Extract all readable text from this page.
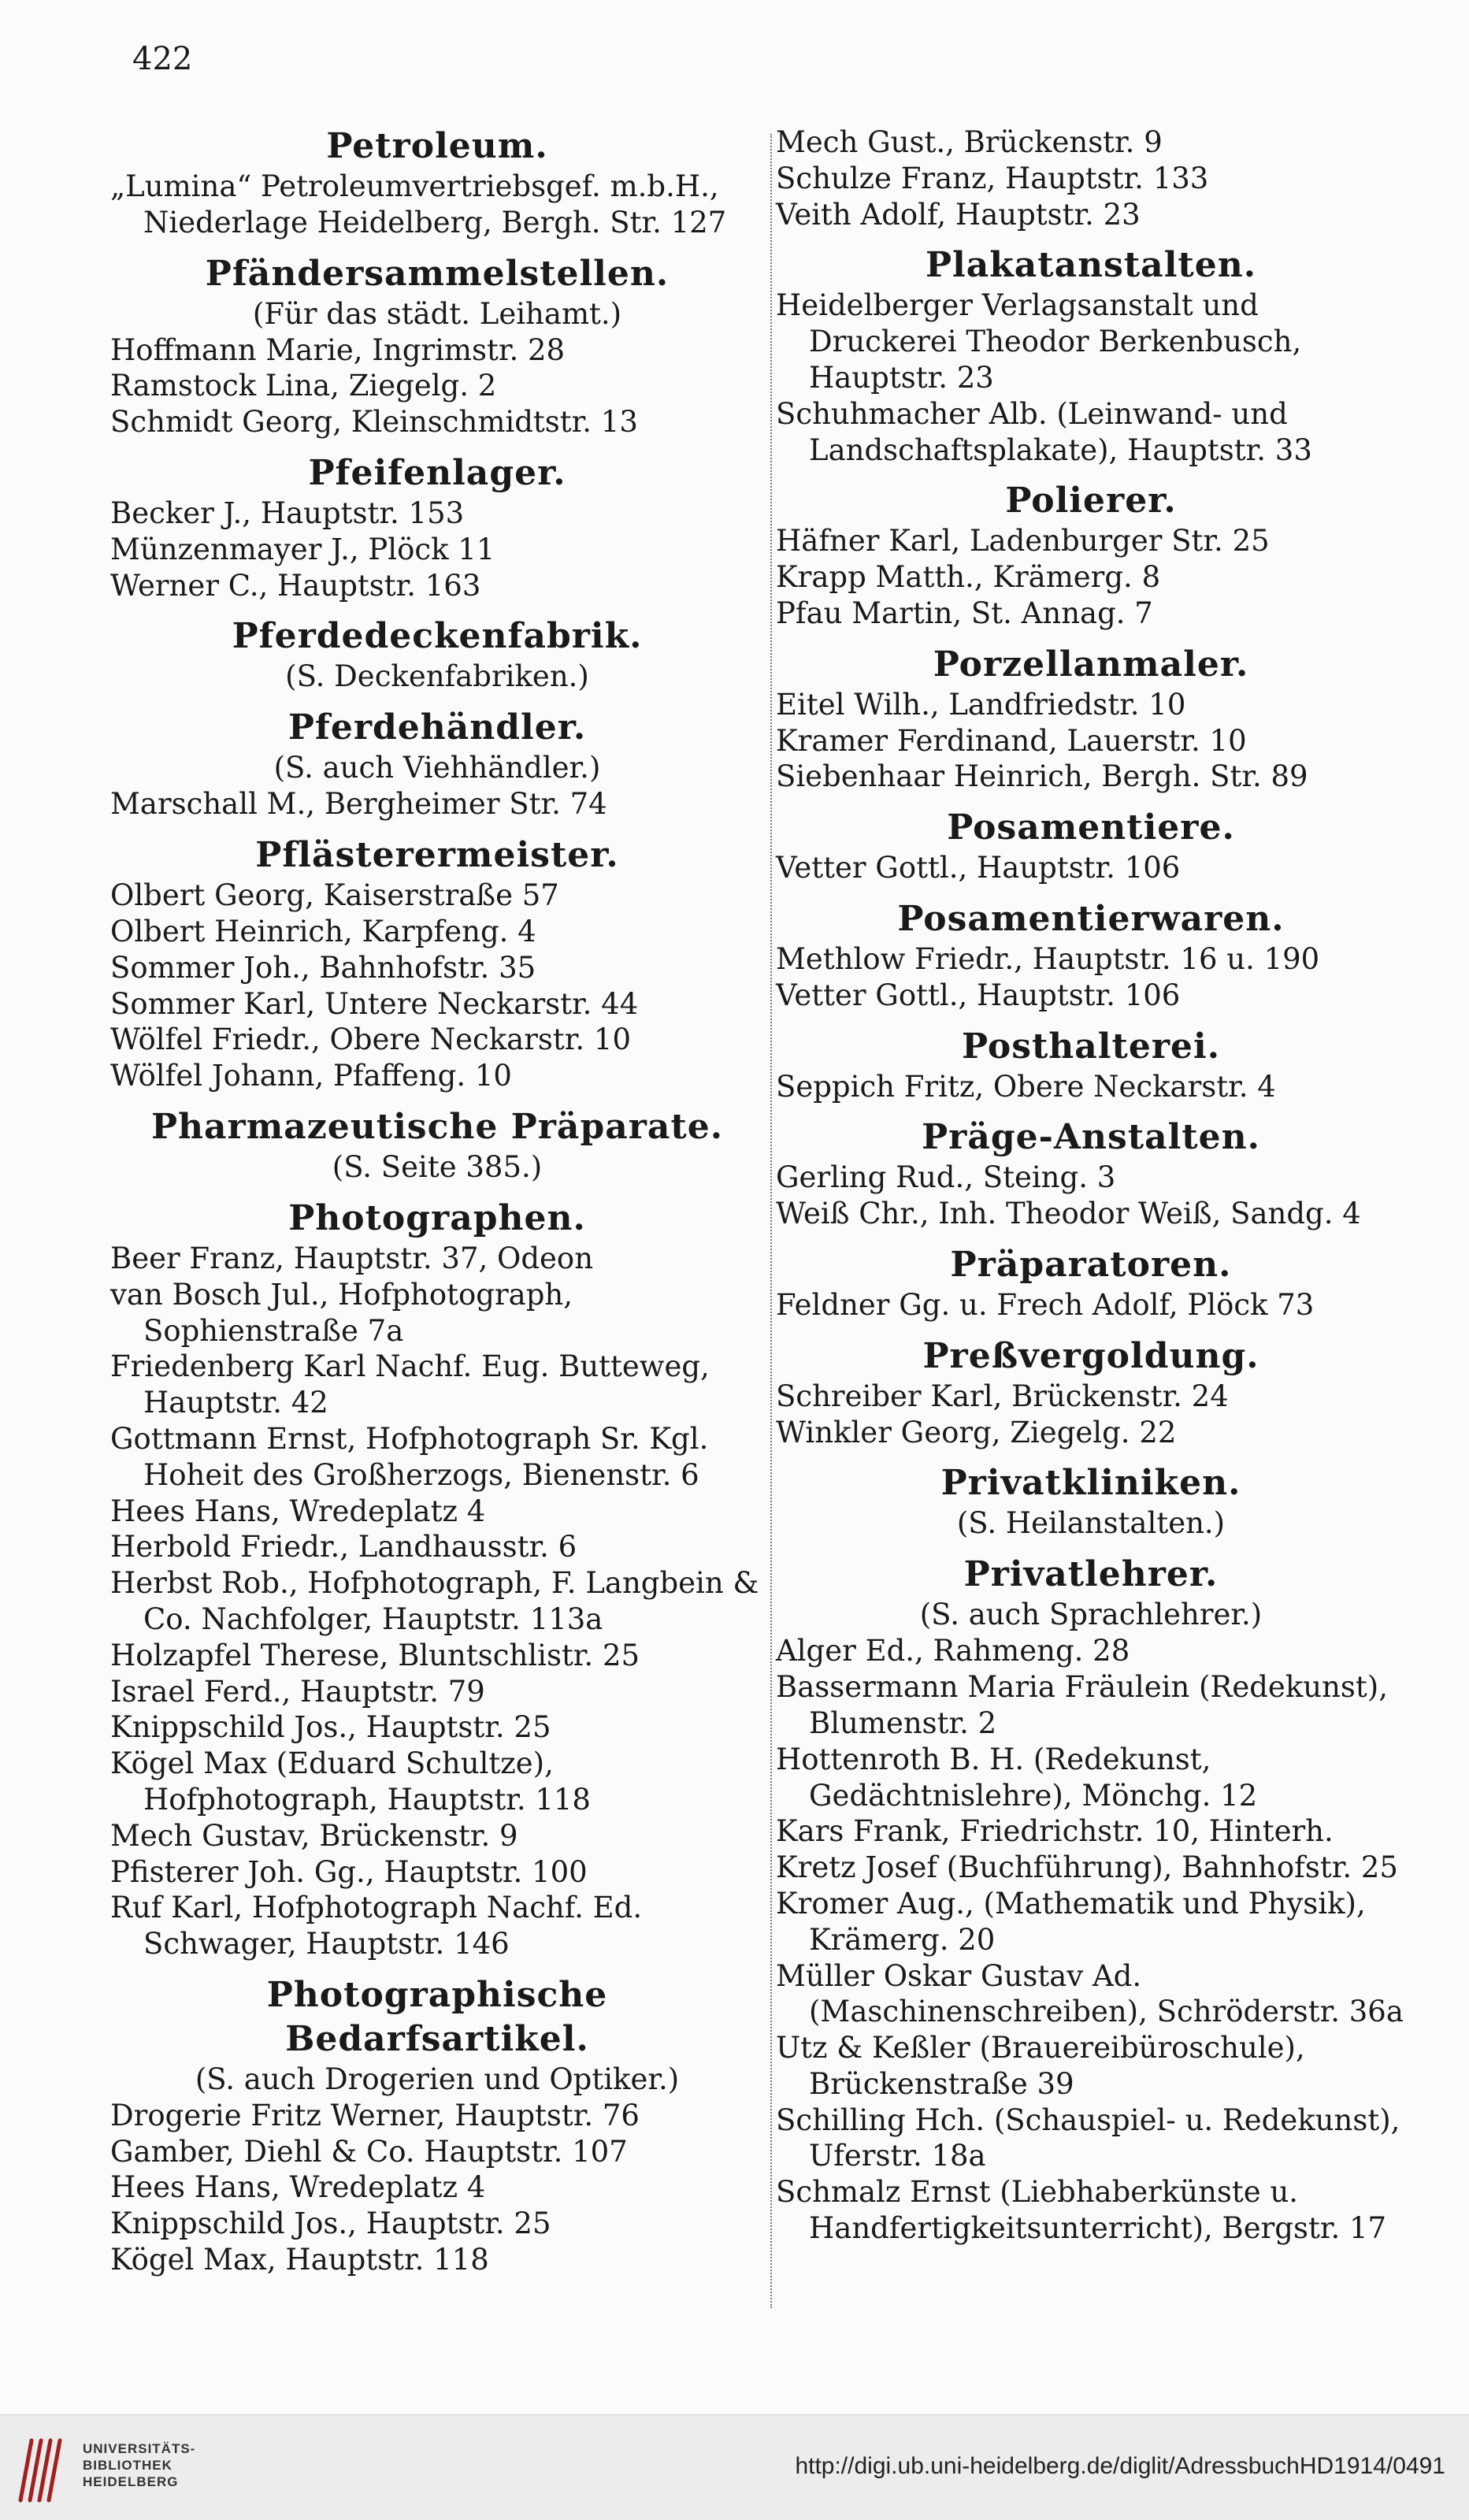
422
Petroleum.
„Lumina“ Petroleumvertriebsgef. m.b.H., Niederlage Heidelberg, Bergh. Str. 127
Pfändersammelstellen.
(Für das städt. Leihamt.)
Hoffmann Marie, Ingrimstr. 28
Ramstock Lina, Ziegelg. 2
Schmidt Georg, Kleinschmidtstr. 13
Pfeifenlager.
Becker J., Hauptstr. 153
Münzenmayer J., Plöck 11
Werner C., Hauptstr. 163
Pferdedeckenfabrik.
(S. Deckenfabriken.)
Pferdehändler.
(S. auch Viehhändler.)
Marschall M., Bergheimer Str. 74
Pflästerermeister.
Olbert Georg, Kaiserstraße 57
Olbert Heinrich, Karpfeng. 4
Sommer Joh., Bahnhofstr. 35
Sommer Karl, Untere Neckarstr. 44
Wölfel Friedr., Obere Neckarstr. 10
Wölfel Johann, Pfaffeng. 10
Pharmazeutische Präparate.
(S. Seite 385.)
Photographen.
Beer Franz, Hauptstr. 37, Odeon
van Bosch Jul., Hofphotograph, Sophienstraße 7a
Friedenberg Karl Nachf. Eug. Butteweg, Hauptstr. 42
Gottmann Ernst, Hofphotograph Sr. Kgl. Hoheit des Großherzogs, Bienenstr. 6
Hees Hans, Wredeplatz 4
Herbold Friedr., Landhausstr. 6
Herbst Rob., Hofphotograph, F. Langbein & Co. Nachfolger, Hauptstr. 113a
Holzapfel Therese, Bluntschlistr. 25
Israel Ferd., Hauptstr. 79
Knippschild Jos., Hauptstr. 25
Kögel Max (Eduard Schultze), Hofphotograph, Hauptstr. 118
Mech Gustav, Brückenstr. 9
Pfisterer Joh. Gg., Hauptstr. 100
Ruf Karl, Hofphotograph Nachf. Ed. Schwager, Hauptstr. 146
Photographische Bedarfsartikel.
(S. auch Drogerien und Optiker.)
Drogerie Fritz Werner, Hauptstr. 76
Gamber, Diehl & Co. Hauptstr. 107
Hees Hans, Wredeplatz 4
Knippschild Jos., Hauptstr. 25
Kögel Max, Hauptstr. 118
Mech Gust., Brückenstr. 9
Schulze Franz, Hauptstr. 133
Veith Adolf, Hauptstr. 23
Plakatanstalten.
Heidelberger Verlagsanstalt und Druckerei Theodor Berkenbusch, Hauptstr. 23
Schuhmacher Alb. (Leinwand- und Landschaftsplakate), Hauptstr. 33
Polierer.
Häfner Karl, Ladenburger Str. 25
Krapp Matth., Krämerg. 8
Pfau Martin, St. Annag. 7
Porzellanmaler.
Eitel Wilh., Landfriedstr. 10
Kramer Ferdinand, Lauerstr. 10
Siebenhaar Heinrich, Bergh. Str. 89
Posamentiere.
Vetter Gottl., Hauptstr. 106
Posamentierwaren.
Methlow Friedr., Hauptstr. 16 u. 190
Vetter Gottl., Hauptstr. 106
Posthalterei.
Seppich Fritz, Obere Neckarstr. 4
Präge-Anstalten.
Gerling Rud., Steing. 3
Weiß Chr., Inh. Theodor Weiß, Sandg. 4
Präparatoren.
Feldner Gg. u. Frech Adolf, Plöck 73
Preßvergoldung.
Schreiber Karl, Brückenstr. 24
Winkler Georg, Ziegelg. 22
Privatkliniken.
(S. Heilanstalten.)
Privatlehrer.
(S. auch Sprachlehrer.)
Alger Ed., Rahmeng. 28
Bassermann Maria Fräulein (Redekunst), Blumenstr. 2
Hottenroth B. H. (Redekunst, Gedächtnislehre), Mönchg. 12
Kars Frank, Friedrichstr. 10, Hinterh.
Kretz Josef (Buchführung), Bahnhofstr. 25
Kromer Aug., (Mathematik und Physik), Krämerg. 20
Müller Oskar Gustav Ad. (Maschinenschreiben), Schröderstr. 36a
Utz & Keßler (Brauereibüroschule), Brückenstraße 39
Schilling Hch. (Schauspiel- u. Redekunst), Uferstr. 18a
Schmalz Ernst (Liebhaberkünste u. Handfertigkeitsunterricht), Bergstr. 17
UNIVERSITÄTS-
BIBLIOTHEK
HEIDELBERG
http://digi.ub.uni-heidelberg.de/diglit/AdressbuchHD1914/0491
